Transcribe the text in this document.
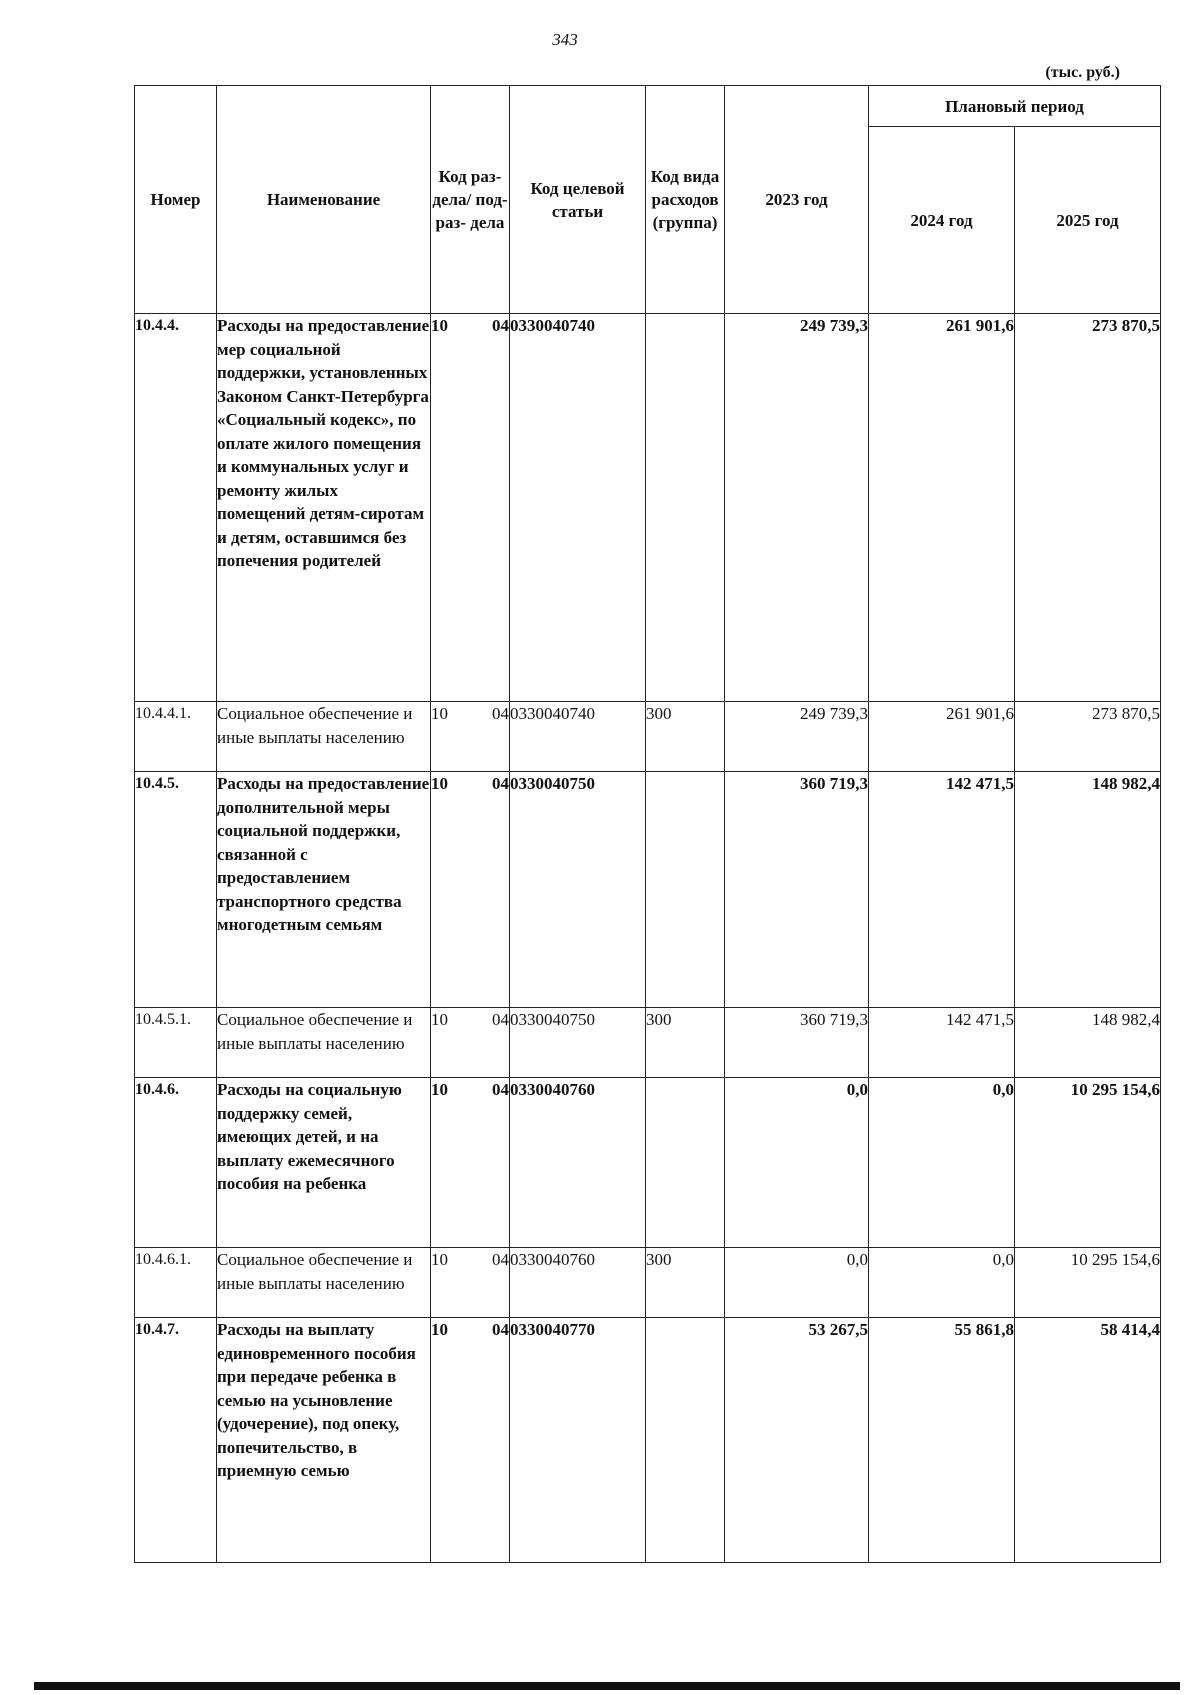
343
(тыс. руб.)
Номер	Наименование	Код раз- дела/ под- раз- дела	Код целевой статьи	Код вида расходов (группа)	2023 год	Плановый период	
						2024 год	2025 год
10.4.4.	Расходы на предоставление мер социальной поддержки, установленных Законом Санкт-Петербурга «Социальный кодекс», по оплате жилого помещения и коммунальных услуг и ремонту жилых помещений детям-сиротам и детям, оставшимся без попечения родителей	10 04	0330040740		249 739,3	261 901,6	273 870,5
10.4.4.1.	Социальное обеспечение и иные выплаты населению	10 04	0330040740	300	249 739,3	261 901,6	273 870,5
10.4.5.	Расходы на предоставление дополнительной меры социальной поддержки, связанной с предоставлением транспортного средства многодетным семьям	10 04	0330040750		360 719,3	142 471,5	148 982,4
10.4.5.1.	Социальное обеспечение и иные выплаты населению	10 04	0330040750	300	360 719,3	142 471,5	148 982,4
10.4.6.	Расходы на социальную поддержку семей, имеющих детей, и на выплату ежемесячного пособия на ребенка	10 04	0330040760		0,0	0,0	10 295 154,6
10.4.6.1.	Социальное обеспечение и иные выплаты населению	10 04	0330040760	300	0,0	0,0	10 295 154,6
10.4.7.	Расходы на выплату единовременного пособия при передаче ребенка в семью на усыновление (удочерение), под опеку, попечительство, в приемную семью	10 04	0330040770		53 267,5	55 861,8	58 414,4
